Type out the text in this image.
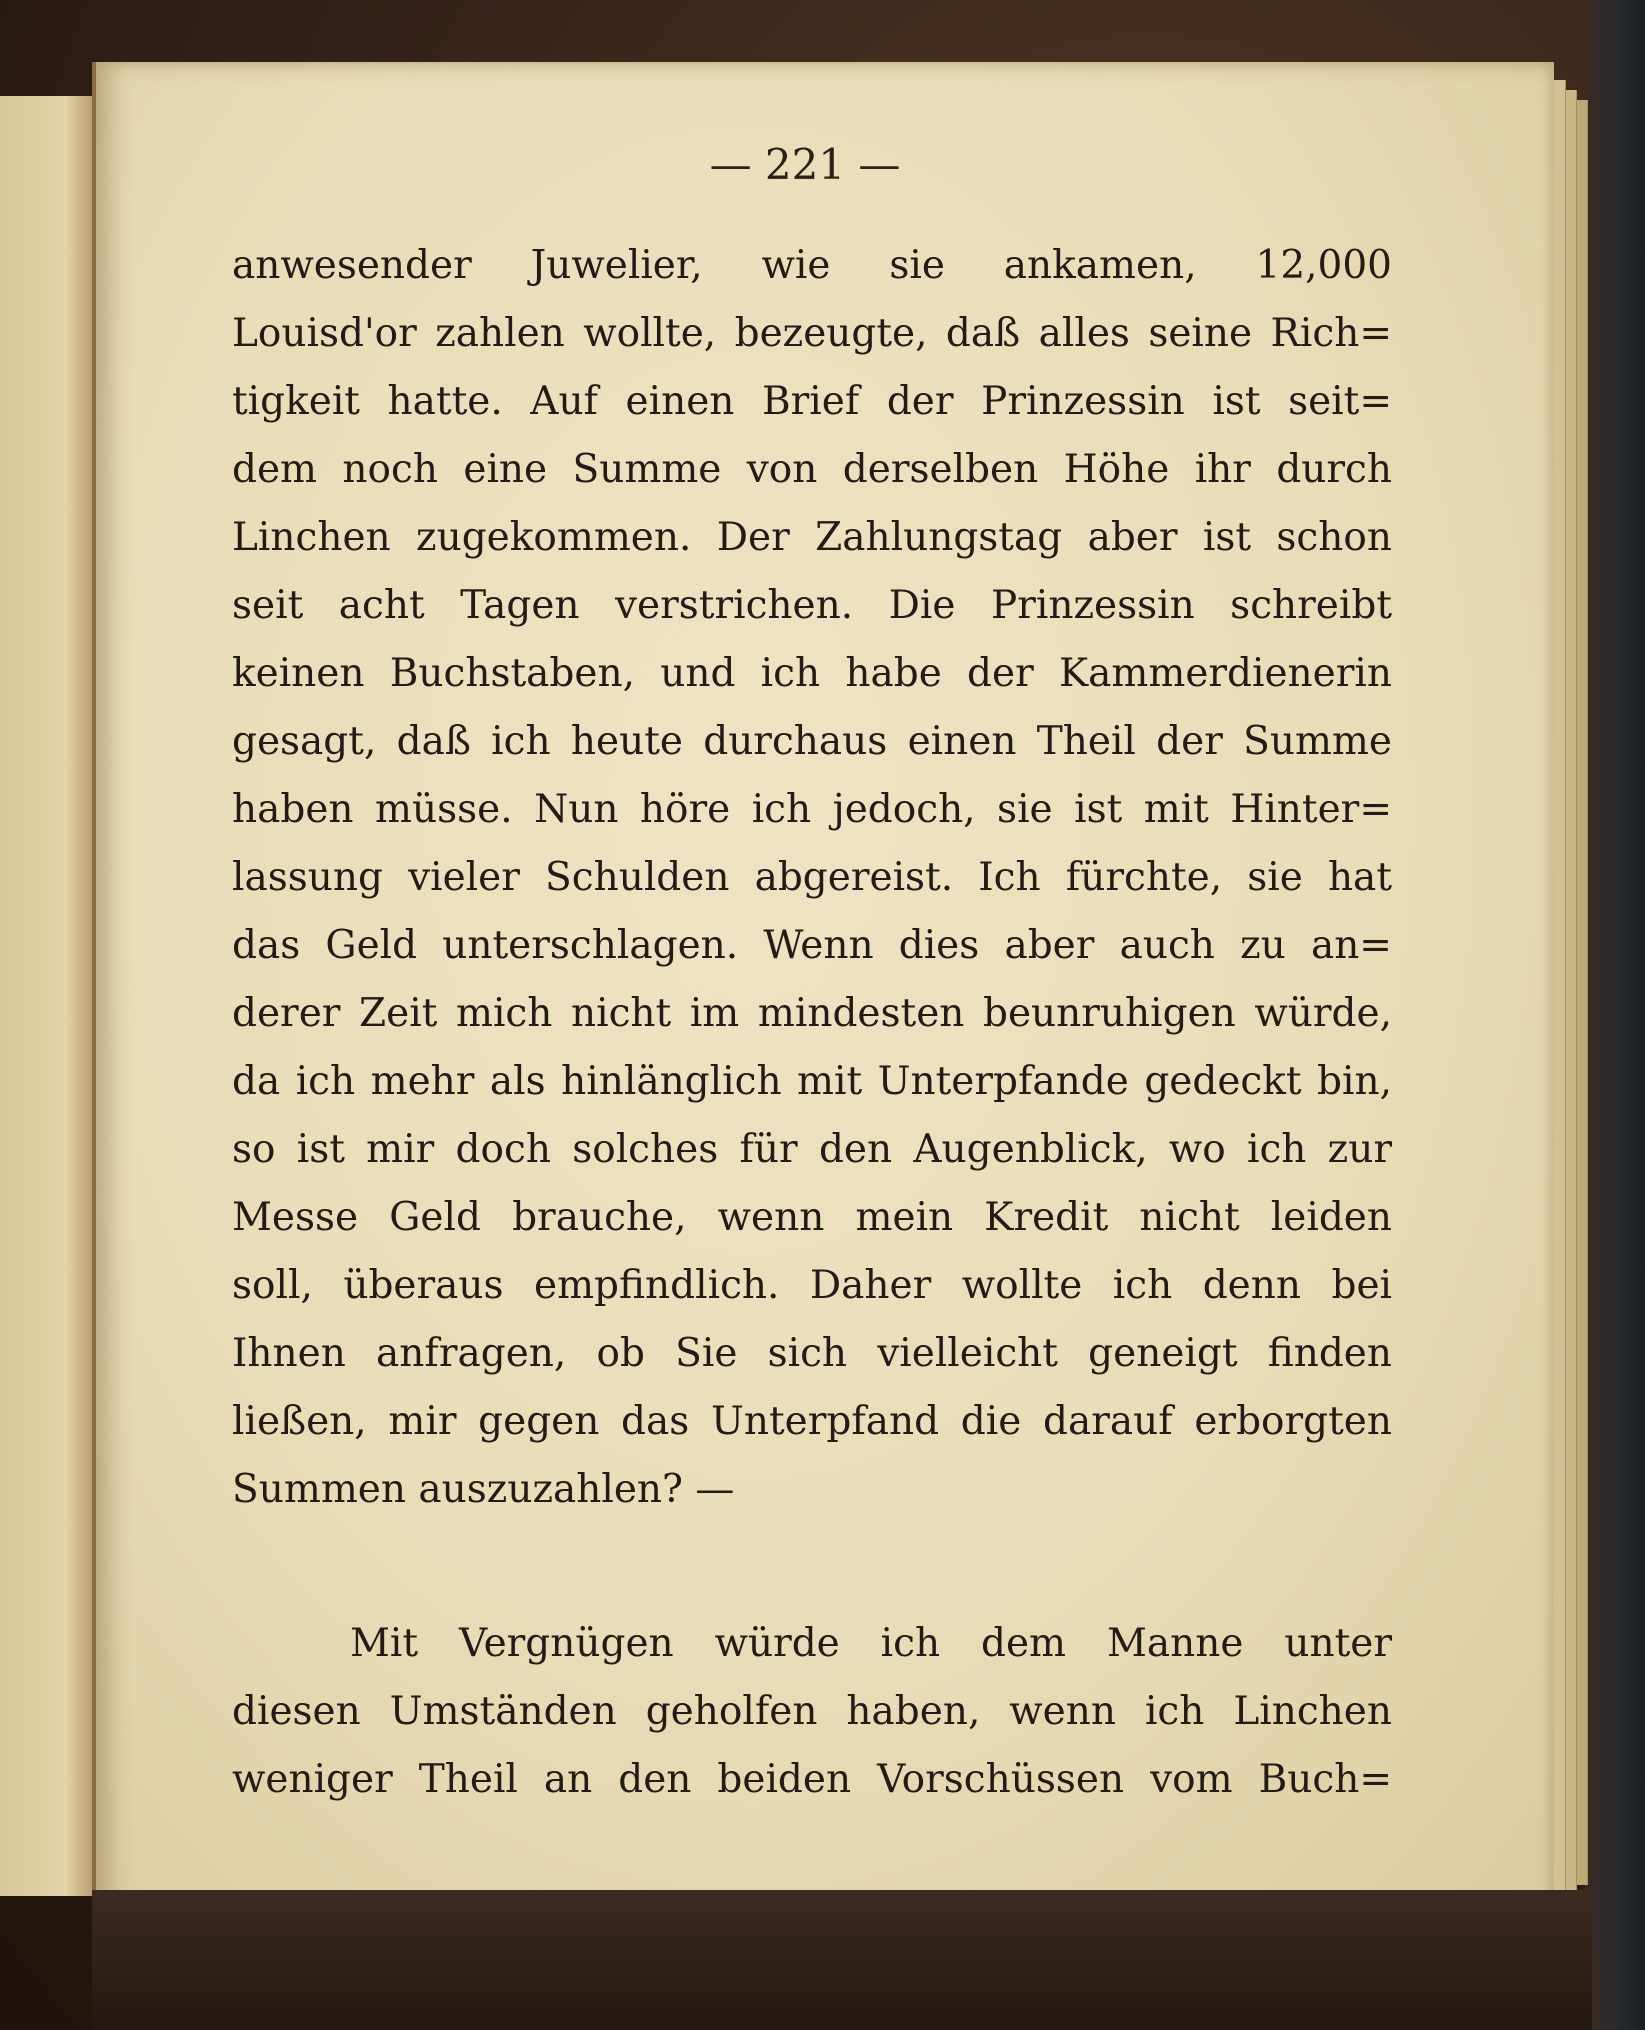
— 221 —
anwesender Juwelier, wie sie ankamen, 12,000
Louisd'or zahlen wollte, bezeugte, daß alles seine Rich=
tigkeit hatte. Auf einen Brief der Prinzessin ist seit=
dem noch eine Summe von derselben Höhe ihr durch
Linchen zugekommen. Der Zahlungstag aber ist schon
seit acht Tagen verstrichen. Die Prinzessin schreibt
keinen Buchstaben, und ich habe der Kammerdienerin
gesagt, daß ich heute durchaus einen Theil der Summe
haben müsse. Nun höre ich jedoch, sie ist mit Hinter=
lassung vieler Schulden abgereist. Ich fürchte, sie hat
das Geld unterschlagen. Wenn dies aber auch zu an=
derer Zeit mich nicht im mindesten beunruhigen würde,
da ich mehr als hinlänglich mit Unterpfande gedeckt bin,
so ist mir doch solches für den Augenblick, wo ich zur
Messe Geld brauche, wenn mein Kredit nicht leiden
soll, überaus empfindlich. Daher wollte ich denn bei
Ihnen anfragen, ob Sie sich vielleicht geneigt finden
ließen, mir gegen das Unterpfand die darauf erborgten
Summen auszuzahlen? —
Mit Vergnügen würde ich dem Manne unter
diesen Umständen geholfen haben, wenn ich Linchen
weniger Theil an den beiden Vorschüssen vom Buch=
